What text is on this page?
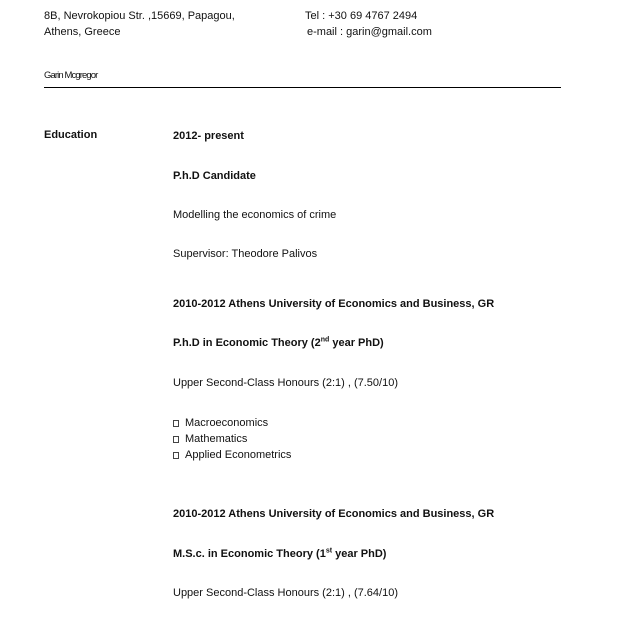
8B, Nevrokopiou Str. ,15669, Papagou,
Athens, Greece
Tel : +30 69 4767 2494
e-mail : garin@gmail.com
Garin Mcgregor
Education	2012- present
P.h.D Candidate
Modelling the economics of crime
Supervisor: Theodore Palivos
2010-2012 Athens University of Economics and Business, GR
P.h.D in Economic Theory (2nd year PhD)
Upper Second-Class Honours (2:1) , (7.50/10)
Macroeconomics
Mathematics
Applied Econometrics
2010-2012 Athens University of Economics and Business, GR
M.S.c. in Economic Theory (1st year PhD)
Upper Second-Class Honours (2:1) , (7.64/10)
